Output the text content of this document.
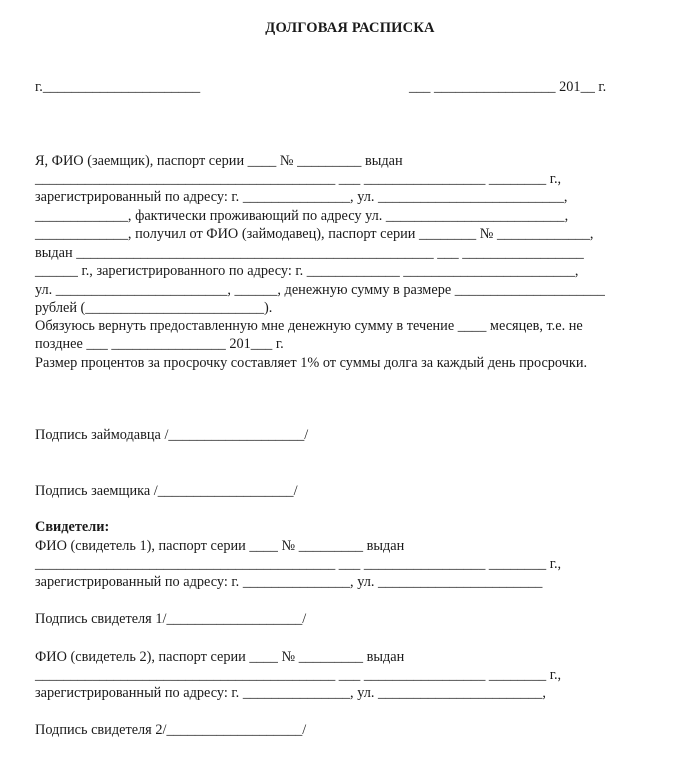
ДОЛГОВАЯ РАСПИСКА
г.______________________	___ _________________ 201__ г.
Я, ФИО (заемщик), паспорт серии ____ № _________ выдан
__________________________________________ ___ _________________ ________ г.,
зарегистрированный по адресу: г. _______________, ул. __________________________,
_____________, фактически проживающий по адресу ул. _________________________,
_____________, получил от ФИО (займодавец), паспорт серии ________ № _____________,
выдан __________________________________________________ ___ _________________
______ г., зарегистрированного по адресу: г. _____________ ________________________,
ул. ________________________, ______, денежную сумму в размере _____________________
рублей (_________________________).
Обязуюсь вернуть предоставленную мне денежную сумму в течение ____ месяцев, т.е. не
позднее ___ ________________ 201___ г.
Размер процентов за просрочку составляет 1% от суммы долга за каждый день просрочки.
Подпись займодавца /___________________/
Подпись заемщика /___________________/
Свидетели:
ФИО (свидетель 1), паспорт серии ____ № _________ выдан
__________________________________________ ___ _________________ ________ г.,
зарегистрированный по адресу: г. _______________, ул. _______________________
Подпись свидетеля 1/___________________/
ФИО (свидетель 2), паспорт серии ____ № _________ выдан
__________________________________________ ___ _________________ ________ г.,
зарегистрированный по адресу: г. _______________, ул. _______________________,
Подпись свидетеля 2/___________________/
